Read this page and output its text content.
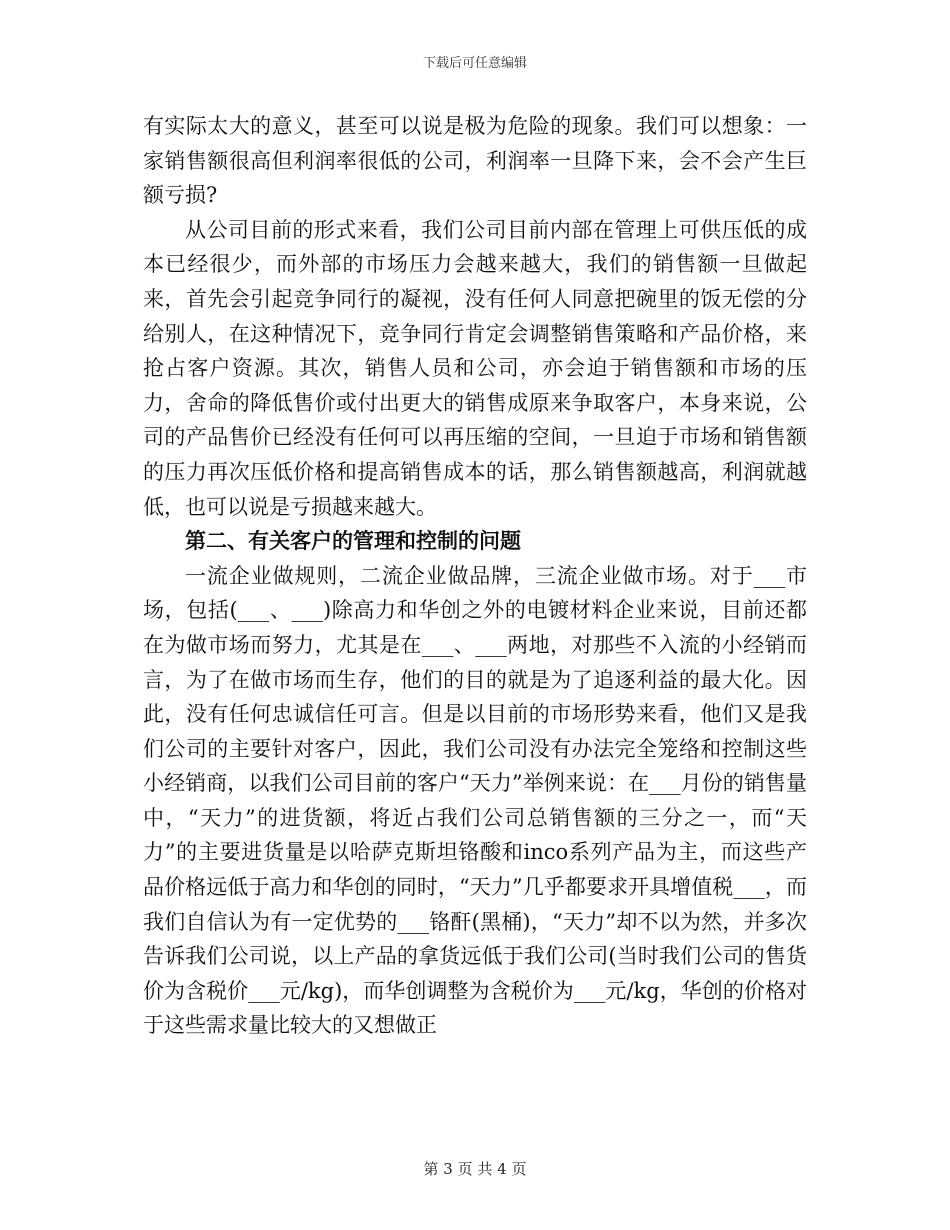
下载后可任意编辑

有实际太大的意义，甚至可以说是极为危险的现象。我们可以想象：一家销售额很高但利润率很低的公司，利润率一旦降下来，会不会产生巨额亏损?

从公司目前的形式来看，我们公司目前内部在管理上可供压低的成本已经很少，而外部的市场压力会越来越大，我们的销售额一旦做起来，首先会引起竞争同行的凝视，没有任何人同意把碗里的饭无偿的分给别人，在这种情况下，竞争同行肯定会调整销售策略和产品价格，来抢占客户资源。其次，销售人员和公司，亦会迫于销售额和市场的压力，舍命的降低售价或付出更大的销售成原来争取客户，本身来说，公司的产品售价已经没有任何可以再压缩的空间，一旦迫于市场和销售额的压力再次压低价格和提高销售成本的话，那么销售额越高，利润就越低，也可以说是亏损越来越大。

第二、有关客户的管理和控制的问题

一流企业做规则，二流企业做品牌，三流企业做市场。对于___市场，包括(___、___)除高力和华创之外的电镀材料企业来说，目前还都在为做市场而努力，尤其是在___、___两地，对那些不入流的小经销而言，为了在做市场而生存，他们的目的就是为了追逐利益的最大化。因此，没有任何忠诚信任可言。但是以目前的市场形势来看，他们又是我们公司的主要针对客户，因此，我们公司没有办法完全笼络和控制这些小经销商，以我们公司目前的客户“天力”举例来说：在___月份的销售量中，“天力”的进货额，将近占我们公司总销售额的三分之一，而“天力”的主要进货量是以哈萨克斯坦铬酸和inco系列产品为主，而这些产品价格远低于高力和华创的同时，“天力”几乎都要求开具增值税___，而我们自信认为有一定优势的___铬酐(黑桶)，“天力”却不以为然，并多次告诉我们公司说，以上产品的拿货远低于我们公司(当时我们公司的售货价为含税价___元/kg)，而华创调整为含税价为___元/kg，华创的价格对于这些需求量比较大的又想做正

第 3 页 共 4 页
